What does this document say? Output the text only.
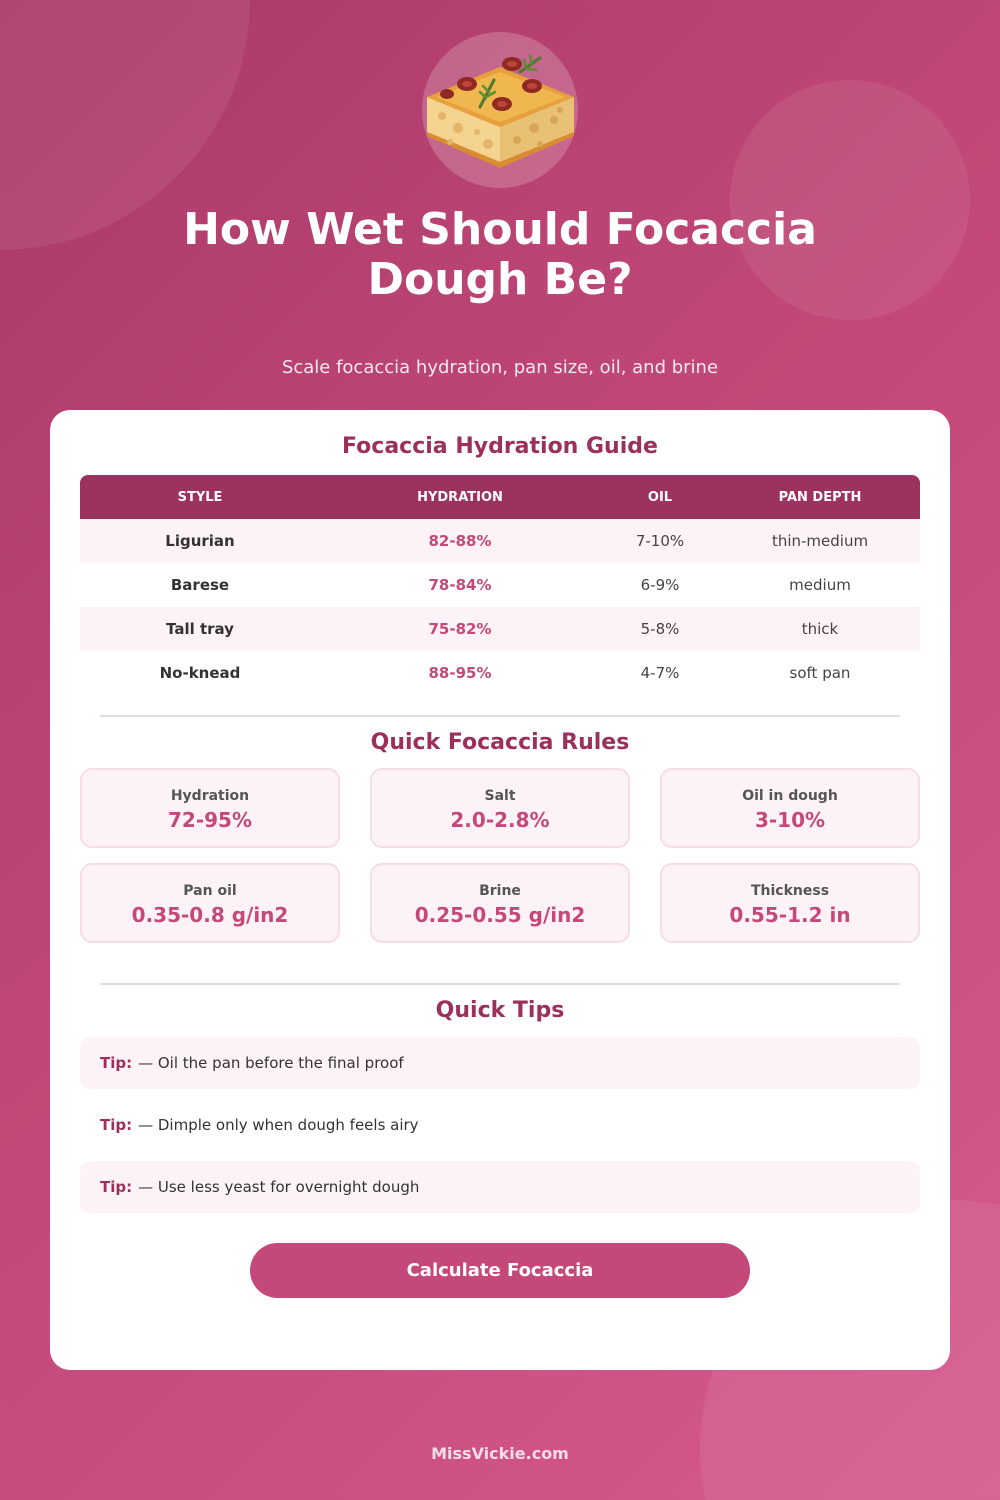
How Wet Should Focaccia Dough Be?
Scale focaccia hydration, pan size, oil, and brine
Focaccia Hydration Guide
STYLE	HYDRATION	OIL	PAN DEPTH
Ligurian	82-88%	7-10%	thin-medium
Barese	78-84%	6-9%	medium
Tall tray	75-82%	5-8%	thick
No-knead	88-95%	4-7%	soft pan
Quick Focaccia Rules
Hydration
72-95%
Salt
2.0-2.8%
Oil in dough
3-10%
Pan oil
0.35-0.8 g/in2
Brine
0.25-0.55 g/in2
Thickness
0.55-1.2 in
Quick Tips
Tip: — Oil the pan before the final proof
Tip: — Dimple only when dough feels airy
Tip: — Use less yeast for overnight dough
Calculate Focaccia
MissVickie.com
